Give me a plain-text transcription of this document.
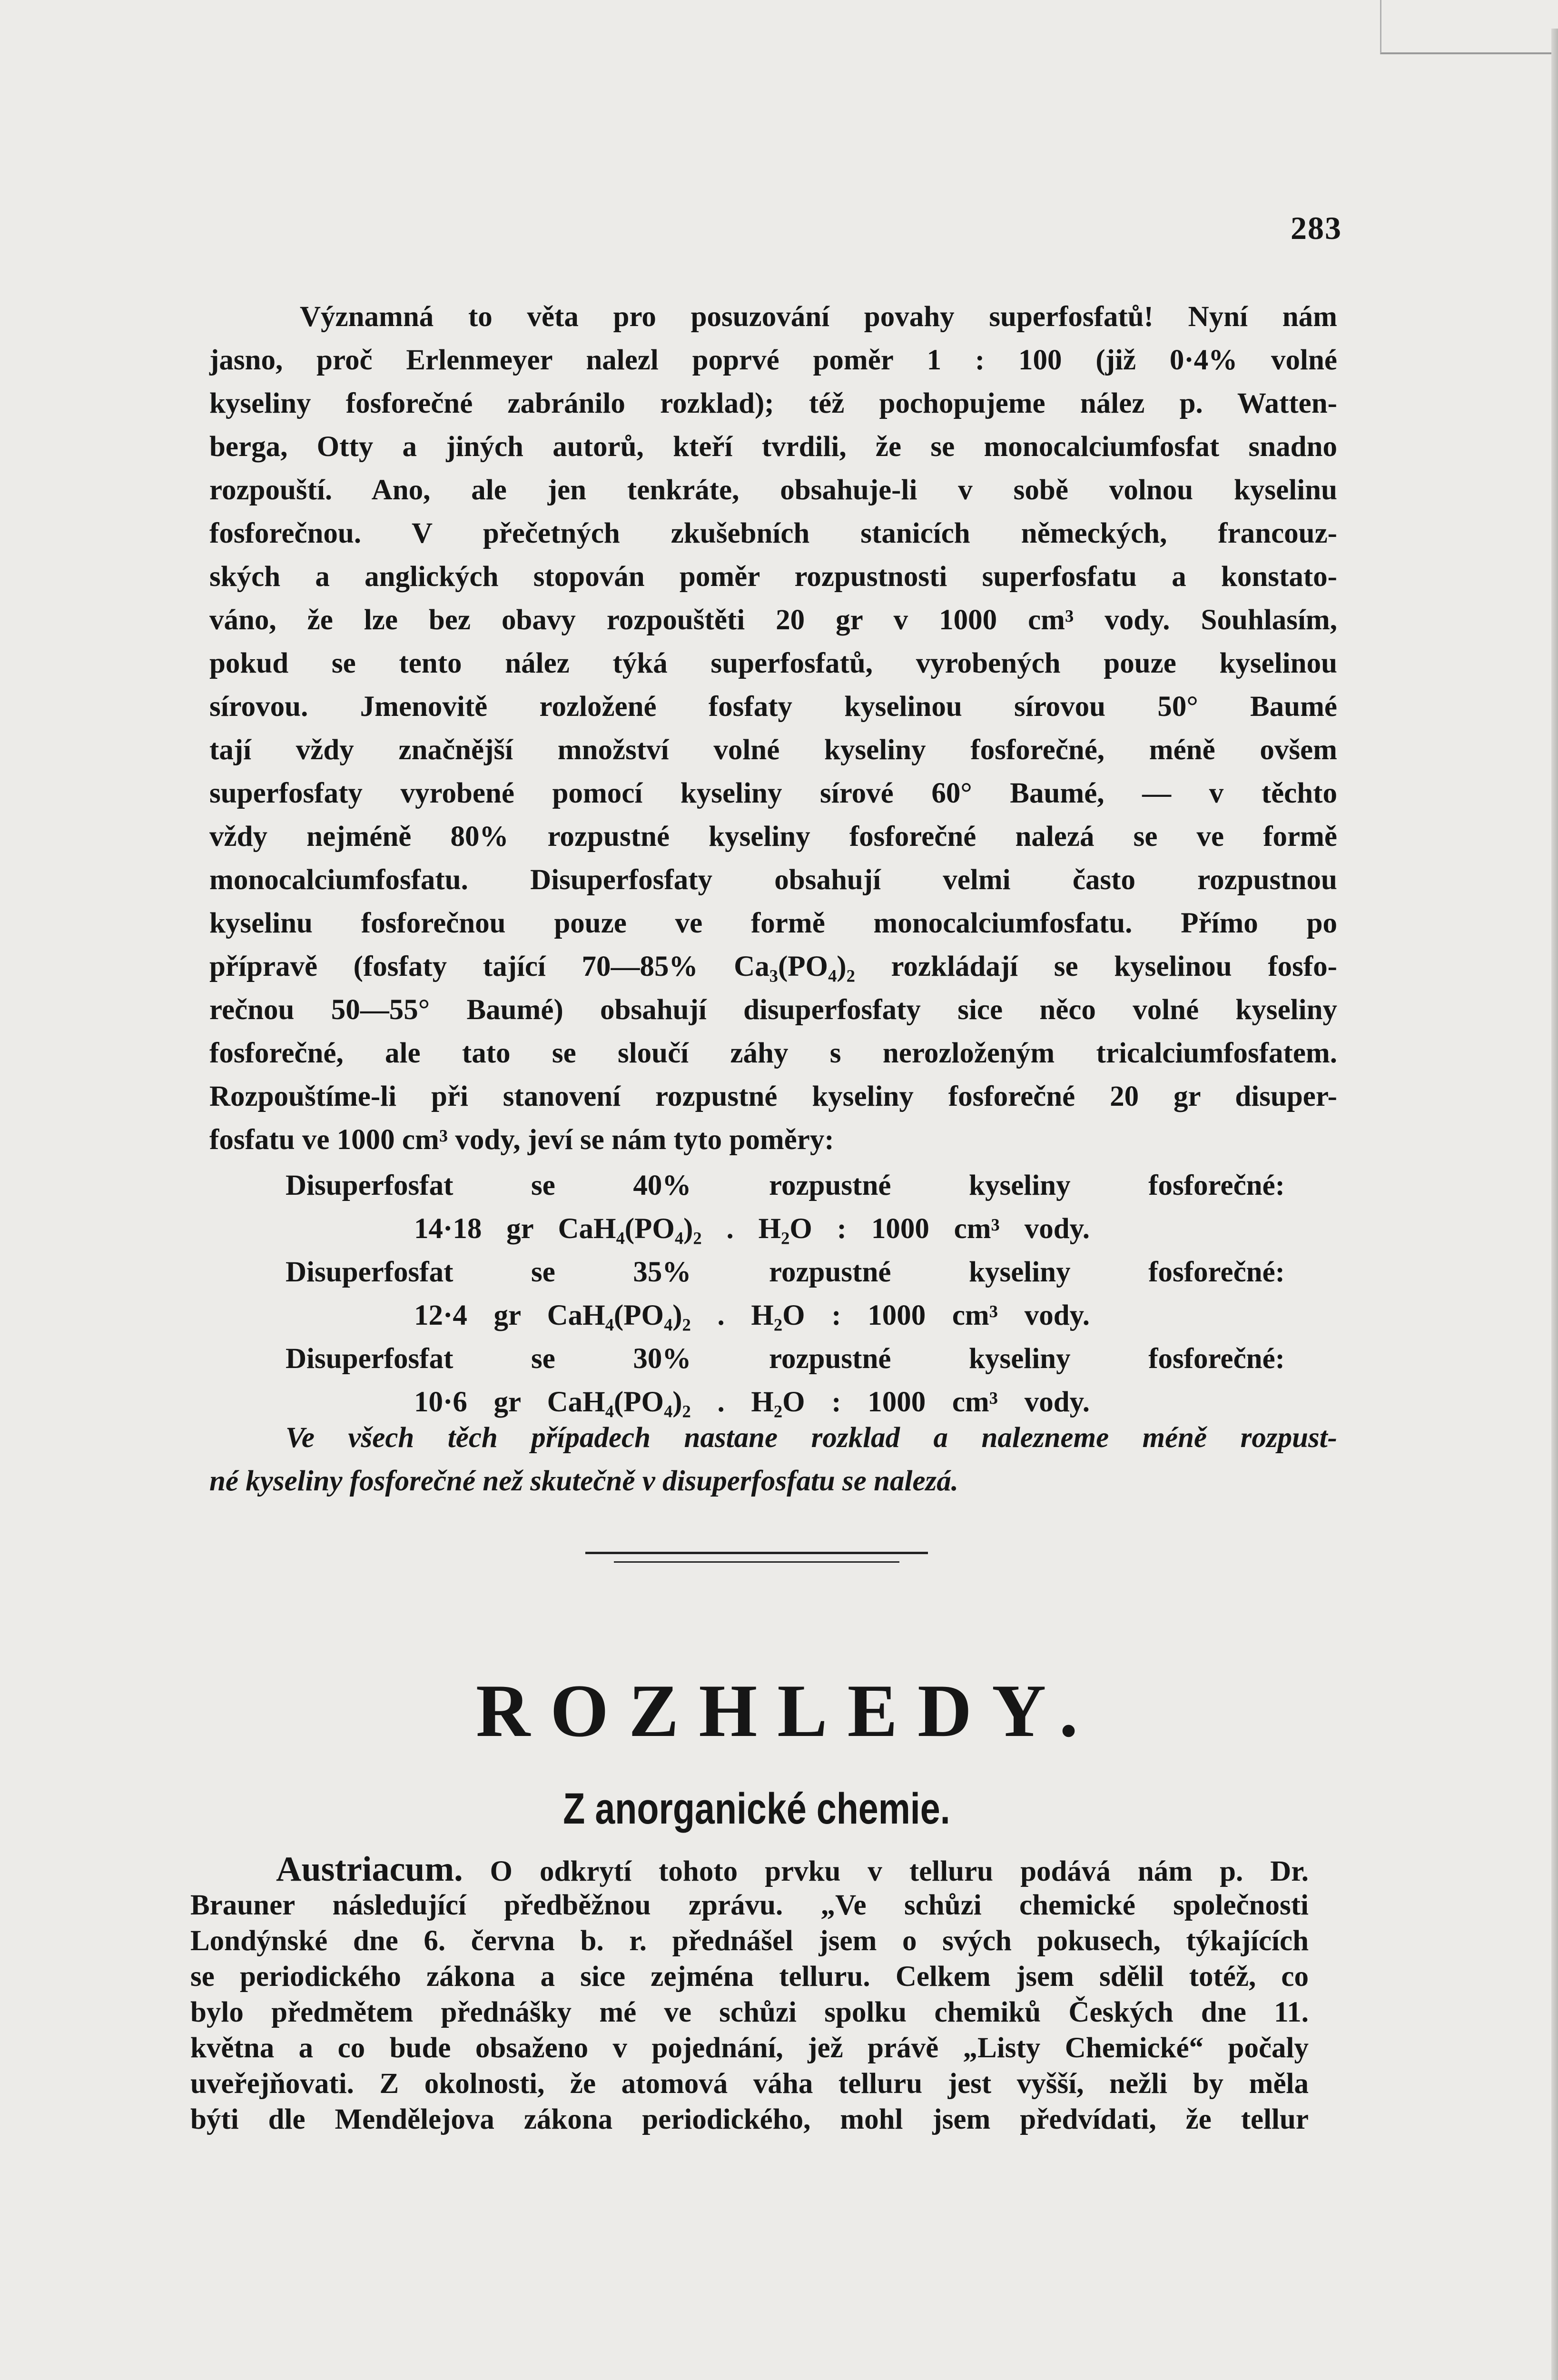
283
Významná to věta pro posuzování povahy superfosfatů! Nyní nám
jasno, proč Erlenmeyer nalezl poprvé poměr 1 : 100 (již 0·4% volné
kyseliny fosforečné zabránilo rozklad); též pochopujeme nález p. Watten-
berga, Otty a jiných autorů, kteří tvrdili, že se monocalciumfosfat snadno
rozpouští. Ano, ale jen tenkráte, obsahuje-li v sobě volnou kyselinu
fosforečnou. V přečetných zkušebních stanicích německých, francouz-
ských a anglických stopován poměr rozpustnosti superfosfatu a konstato-
váno, že lze bez obavy rozpouštěti 20 gr v 1000 cm³ vody. Souhlasím,
pokud se tento nález týká superfosfatů, vyrobených pouze kyselinou
sírovou. Jmenovitě rozložené fosfaty kyselinou sírovou 50° Baumé
tají vždy značnější množství volné kyseliny fosforečné, méně ovšem
superfosfaty vyrobené pomocí kyseliny sírové 60° Baumé, — v těchto
vždy nejméně 80% rozpustné kyseliny fosforečné nalezá se ve formě
monocalciumfosfatu. Disuperfosfaty obsahují velmi často rozpustnou
kyselinu fosforečnou pouze ve formě monocalciumfosfatu. Přímo po
přípravě (fosfaty tající 70—85% Ca₃(PO₄)₂ rozkládají se kyselinou fosfo-
rečnou 50—55° Baumé) obsahují disuperfosfaty sice něco volné kyseliny
fosforečné, ale tato se sloučí záhy s nerozloženým tricalciumfosfatem.
Rozpouštíme-li při stanovení rozpustné kyseliny fosforečné 20 gr disuper-
fosfatu ve 1000 cm³ vody, jeví se nám tyto poměry:
Disuperfosfat se 40% rozpustné kyseliny fosforečné:
14·18 gr CaH₄(PO₄)₂ . H₂O : 1000 cm³ vody.
Disuperfosfat se 35% rozpustné kyseliny fosforečné:
12·4 gr CaH₄(PO₄)₂ . H₂O : 1000 cm³ vody.
Disuperfosfat se 30% rozpustné kyseliny fosforečné:
10·6 gr CaH₄(PO₄)₂ . H₂O : 1000 cm³ vody.
Ve všech těch případech nastane rozklad a nalezneme méně rozpust-
né kyseliny fosforečné než skutečně v disuperfosfatu se nalezá.
ROZHLEDY.
Z anorganické chemie.
Austriacum. O odkrytí tohoto prvku v telluru podává nám p. Dr.
Brauner následující předběžnou zprávu. „Ve schůzi chemické společnosti
Londýnské dne 6. června b. r. přednášel jsem o svých pokusech, týkajících
se periodického zákona a sice zejména telluru. Celkem jsem sdělil totéž, co
bylo předmětem přednášky mé ve schůzi spolku chemiků Českých dne 11.
května a co bude obsaženo v pojednání, jež právě „Listy Chemické“ počaly
uveřejňovati. Z okolnosti, že atomová váha telluru jest vyšší, nežli by měla
býti dle Mendělejova zákona periodického, mohl jsem předvídati, že tellur
